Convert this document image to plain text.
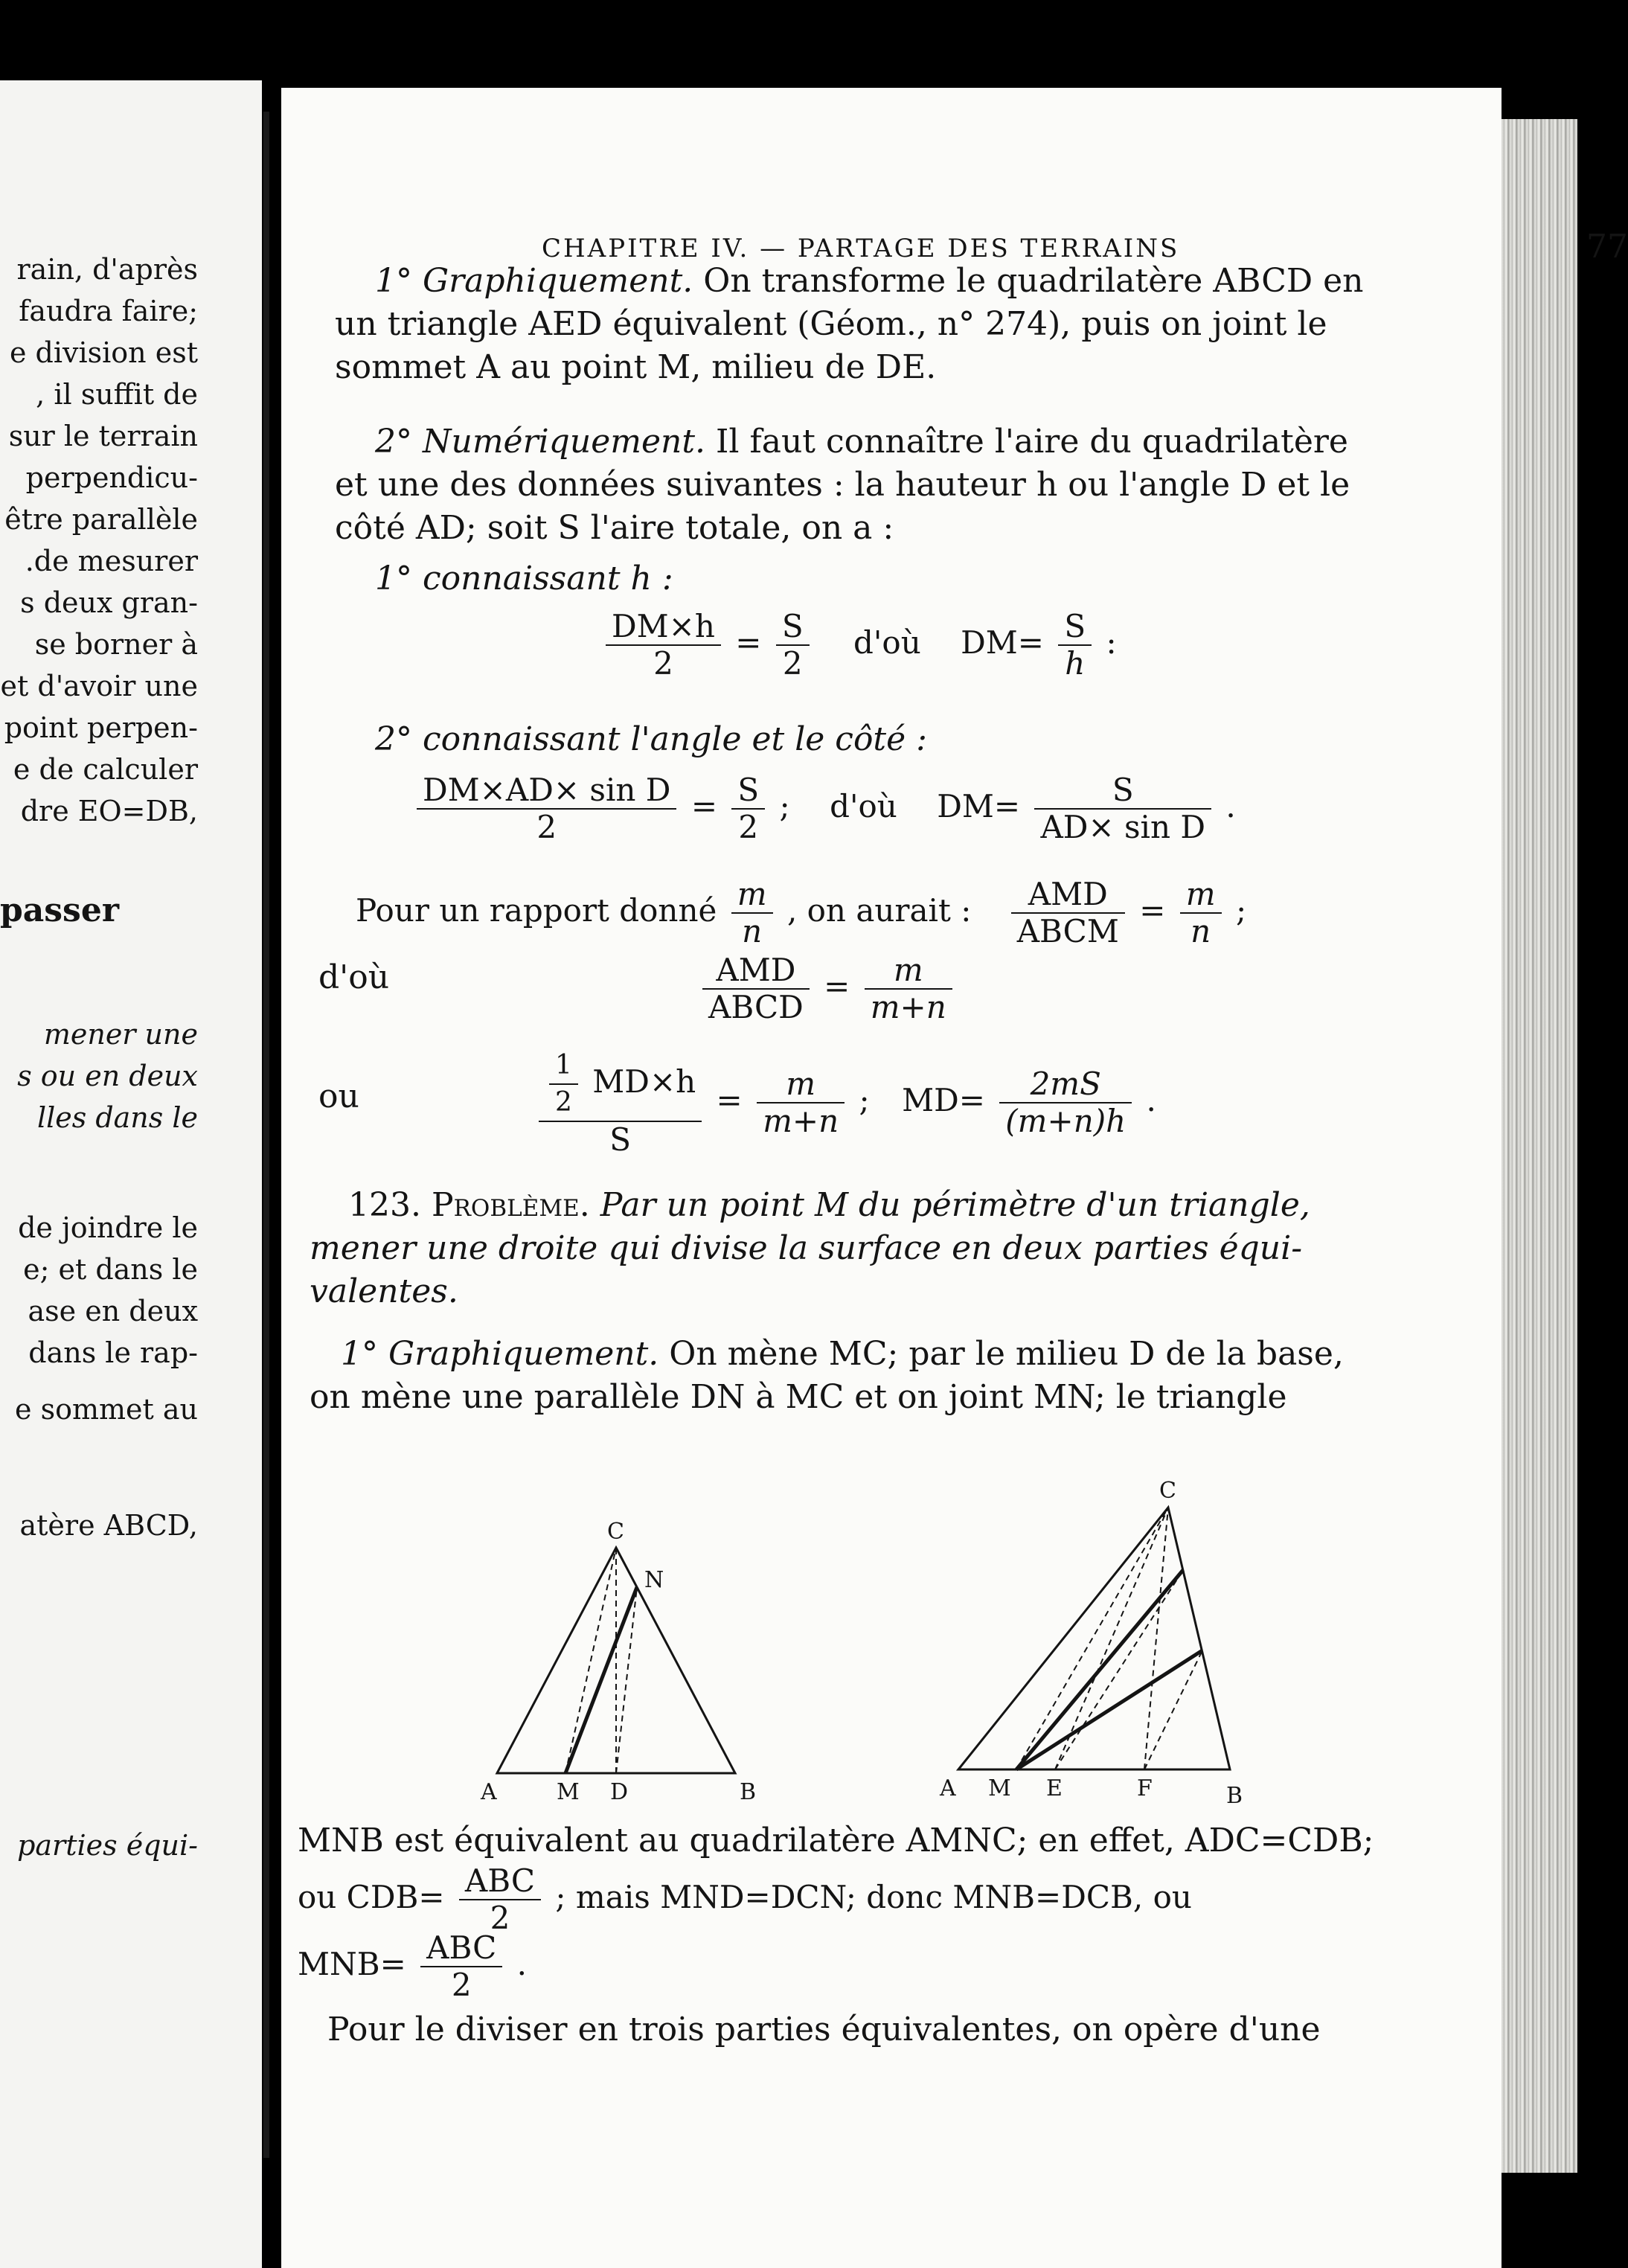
rain, d'après
faudra faire;
e division est
, il suffit de
sur le terrain
perpendicu-
être parallèle
.de mesurer
s deux gran-
se borner à
et d'avoir une
point perpen-
e de calculer
dre EO=DB,
passer
mener une
s ou en deux
lles dans le
de joindre le
e; et dans le
ase en deux
dans le rap-
e sommet au
atère ABCD,
parties équi-
CHAPITRE IV. — PARTAGE DES TERRAINS	77
1° Graphiquement. On transforme le quadrilatère ABCD en
un triangle AED équivalent (Géom., n° 274), puis on joint le
sommet A au point M, milieu de DE.
2° Numériquement. Il faut connaître l'aire du quadrilatère
et une des données suivantes : la hauteur h ou l'angle D et le
côté AD; soit S l'aire totale, on a :
1° connaissant h :
$\frac{DM\times h}{2} = \frac{S}{2}$ d'où $DM= \frac{S}{h}$ :
2° connaissant l'angle et le côté :
$\frac{\text{DM×AD× sin D}}{2} = \frac{S}{2}$ ; d'où $DM= \frac{S}{\text{AD× sin D}}$ .
Pour un rapport donné $\frac{m}{n}$ , on aurait : $\frac{\text{AMD}}{\text{ABCM}} = \frac{m}{n}$ ;
d'où	$\frac{\text{AMD}}{\text{ABCD}} = \frac{m}{m+n}$
ou	$\frac{\frac{1}{2} MD\times h}{S} = \frac{m}{m+n}$ ; $MD= \frac{2mS}{(m+n)h}$ .
123. Problème. Par un point M du périmètre d'un triangle,
mener une droite qui divise la surface en deux parties équi-
valentes.
1° Graphiquement. On mène MC; par le milieu D de la base,
on mène une parallèle DN à MC et on joint MN; le triangle
C
N
A	M D	B
C
A M E	F	B
MNB est équivalent au quadrilatère AMNC; en effet, ADC=CDB;
ou $CDB= \frac{\text{ABC}}{2}$ ; mais MND=DCN; donc MNB=DCB, ou
$MNB= \frac{\text{ABC}}{2}$ .
Pour le diviser en trois parties équivalentes, on opère d'une
